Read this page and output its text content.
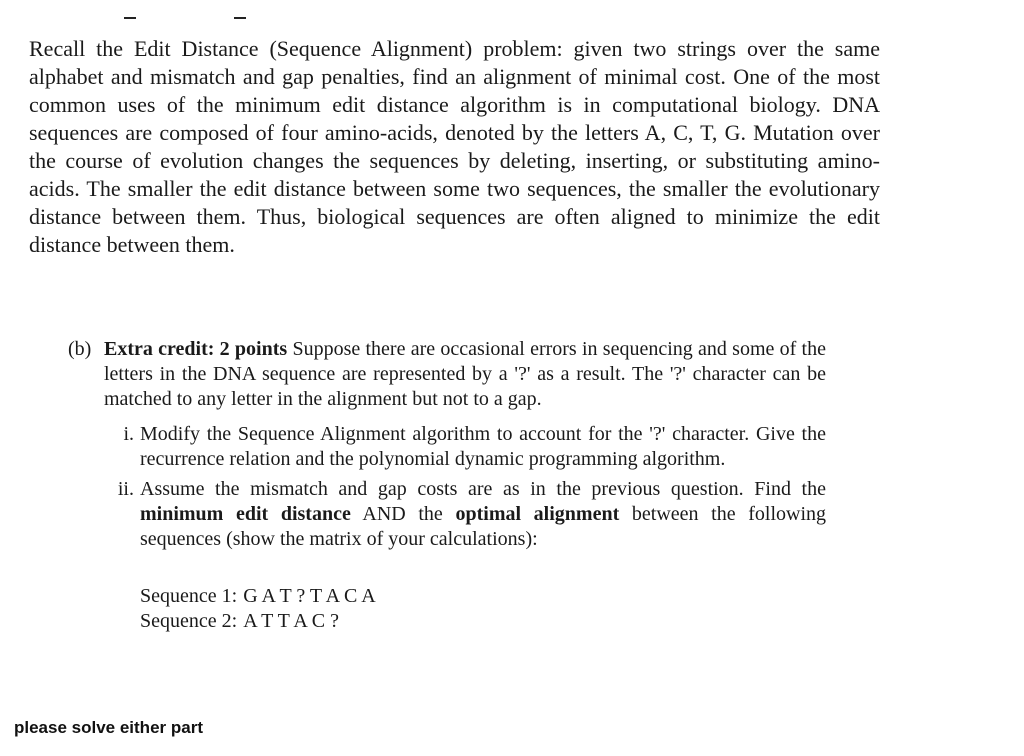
Recall the Edit Distance (Sequence Alignment) problem: given two strings over the same alphabet and mismatch and gap penalties, find an alignment of minimal cost. One of the most common uses of the minimum edit distance algorithm is in computational biology. DNA sequences are composed of four amino-acids, denoted by the letters A, C, T, G. Mutation over the course of evolution changes the sequences by deleting, inserting, or substituting amino-acids. The smaller the edit distance between some two sequences, the smaller the evolutionary distance between them. Thus, biological sequences are often aligned to minimize the edit distance between them.
(b) Extra credit: 2 points Suppose there are occasional errors in sequencing and some of the letters in the DNA sequence are represented by a '?' as a result. The '?' character can be matched to any letter in the alignment but not to a gap.
i. Modify the Sequence Alignment algorithm to account for the '?' character. Give the recurrence relation and the polynomial dynamic programming algorithm.
ii. Assume the mismatch and gap costs are as in the previous question. Find the minimum edit distance AND the optimal alignment between the following sequences (show the matrix of your calculations):
Sequence 1: G A T ? T A C A
Sequence 2: A T T A C ?
please solve either part
